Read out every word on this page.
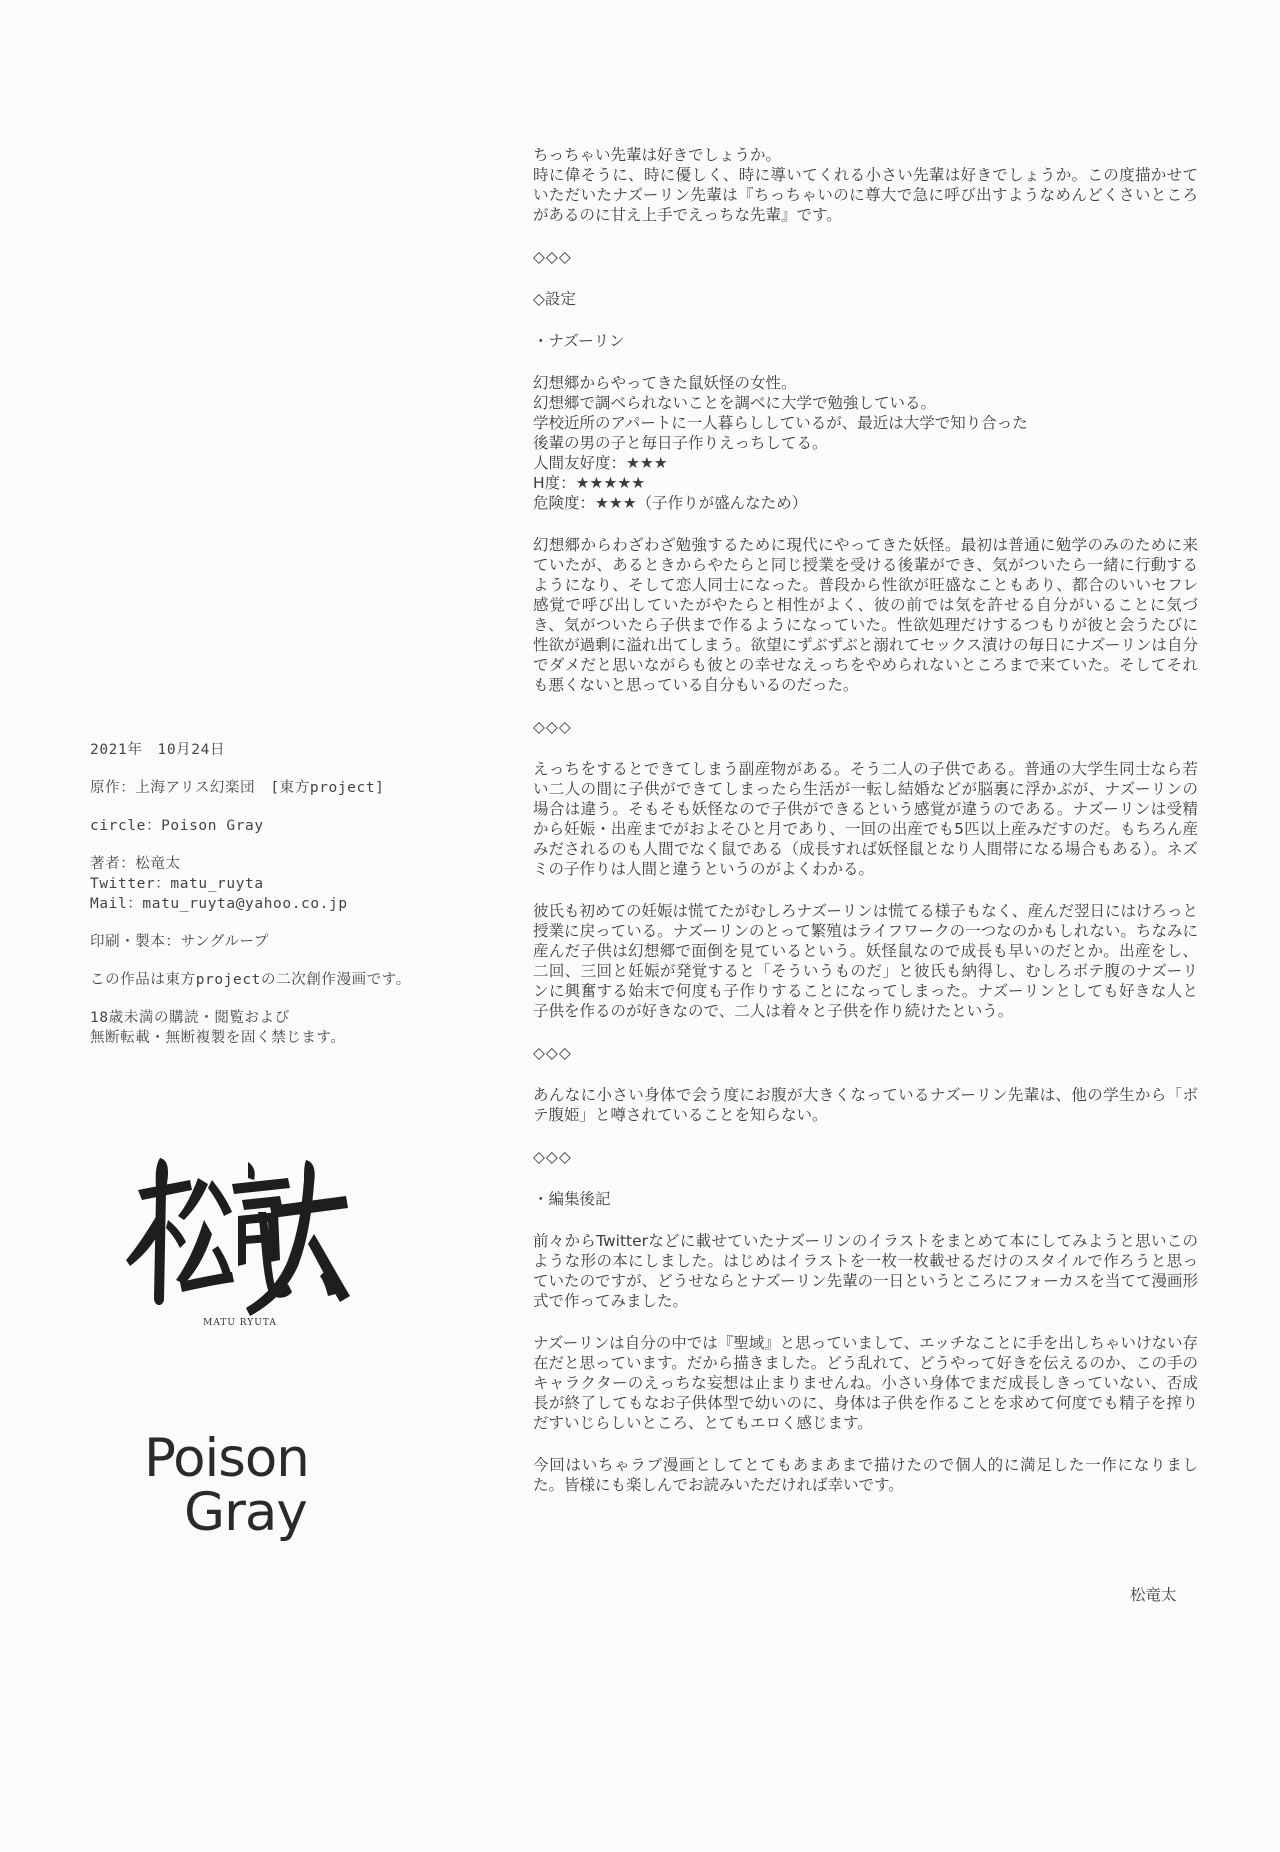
2021年　10月24日
原作：上海アリス幻楽団　[東方project]
circle：Poison Gray
著者：松竜太
Twitter：matu_ruyta
Mail：matu_ruyta@yahoo.co.jp
印刷・製本：サングループ
この作品は東方projectの二次創作漫画です。
18歳未満の購読・閲覧および
無断転載・無断複製を固く禁じます。
MATU RYUTA
Poison
Gray

ちっちゃい先輩は好きでしょうか。

時に偉そうに、時に優しく、時に導いてくれる小さい先輩は好きでしょうか。この度描かせていただいたナズーリン先輩は『ちっちゃいのに尊大で急に呼び出すようなめんどくさいところがあるのに甘え上手でえっちな先輩』です。

◇◇◇

◇設定

・ナズーリン

幻想郷からやってきた鼠妖怪の女性。

幻想郷で調べられないことを調べに大学で勉強している。

学校近所のアパートに一人暮らししているが、最近は大学で知り合った

後輩の男の子と毎日子作りえっちしてる。

人間友好度：★★★

H度：★★★★★

危険度：★★★（子作りが盛んなため）

幻想郷からわざわざ勉強するために現代にやってきた妖怪。最初は普通に勉学のみのために来ていたが、あるときからやたらと同じ授業を受ける後輩ができ、気がついたら一緒に行動するようになり、そして恋人同士になった。普段から性欲が旺盛なこともあり、都合のいいセフレ感覚で呼び出していたがやたらと相性がよく、彼の前では気を許せる自分がいることに気づき、気がついたら子供まで作るようになっていた。性欲処理だけするつもりが彼と会うたびに性欲が過剰に溢れ出てしまう。欲望にずぶずぶと溺れてセックス漬けの毎日にナズーリンは自分でダメだと思いながらも彼との幸せなえっちをやめられないところまで来ていた。そしてそれも悪くないと思っている自分もいるのだった。

◇◇◇

えっちをするとできてしまう副産物がある。そう二人の子供である。普通の大学生同士なら若い二人の間に子供ができてしまったら生活が一転し結婚などが脳裏に浮かぶが、ナズーリンの場合は違う。そもそも妖怪なので子供ができるという感覚が違うのである。ナズーリンは受精から妊娠・出産までがおよそひと月であり、一回の出産でも5匹以上産みだすのだ。もちろん産みだされるのも人間でなく鼠である（成長すれば妖怪鼠となり人間帯になる場合もある）。ネズミの子作りは人間と違うというのがよくわかる。

彼氏も初めての妊娠は慌てたがむしろナズーリンは慌てる様子もなく、産んだ翌日にはけろっと授業に戻っている。ナズーリンのとって繁殖はライフワークの一つなのかもしれない。ちなみに産んだ子供は幻想郷で面倒を見ているという。妖怪鼠なので成長も早いのだとか。出産をし、二回、三回と妊娠が発覚すると「そういうものだ」と彼氏も納得し、むしろボテ腹のナズーリンに興奮する始末で何度も子作りすることになってしまった。ナズーリンとしても好きな人と子供を作るのが好きなので、二人は着々と子供を作り続けたという。

◇◇◇

あんなに小さい身体で会う度にお腹が大きくなっているナズーリン先輩は、他の学生から「ボテ腹姫」と噂されていることを知らない。

◇◇◇

・編集後記

前々からTwitterなどに載せていたナズーリンのイラストをまとめて本にしてみようと思いこのような形の本にしました。はじめはイラストを一枚一枚載せるだけのスタイルで作ろうと思っていたのですが、どうせならとナズーリン先輩の一日というところにフォーカスを当てて漫画形式で作ってみました。

ナズーリンは自分の中では『聖域』と思っていまして、エッチなことに手を出しちゃいけない存在だと思っています。だから描きました。どう乱れて、どうやって好きを伝えるのか、この手のキャラクターのえっちな妄想は止まりませんね。小さい身体でまだ成長しきっていない、否成長が終了してもなお子供体型で幼いのに、身体は子供を作ることを求めて何度でも精子を搾りだすいじらしいところ、とてもエロく感じます。

今回はいちゃラブ漫画としてとてもあまあまで描けたので個人的に満足した一作になりました。皆様にも楽しんでお読みいただければ幸いです。

松竜太
